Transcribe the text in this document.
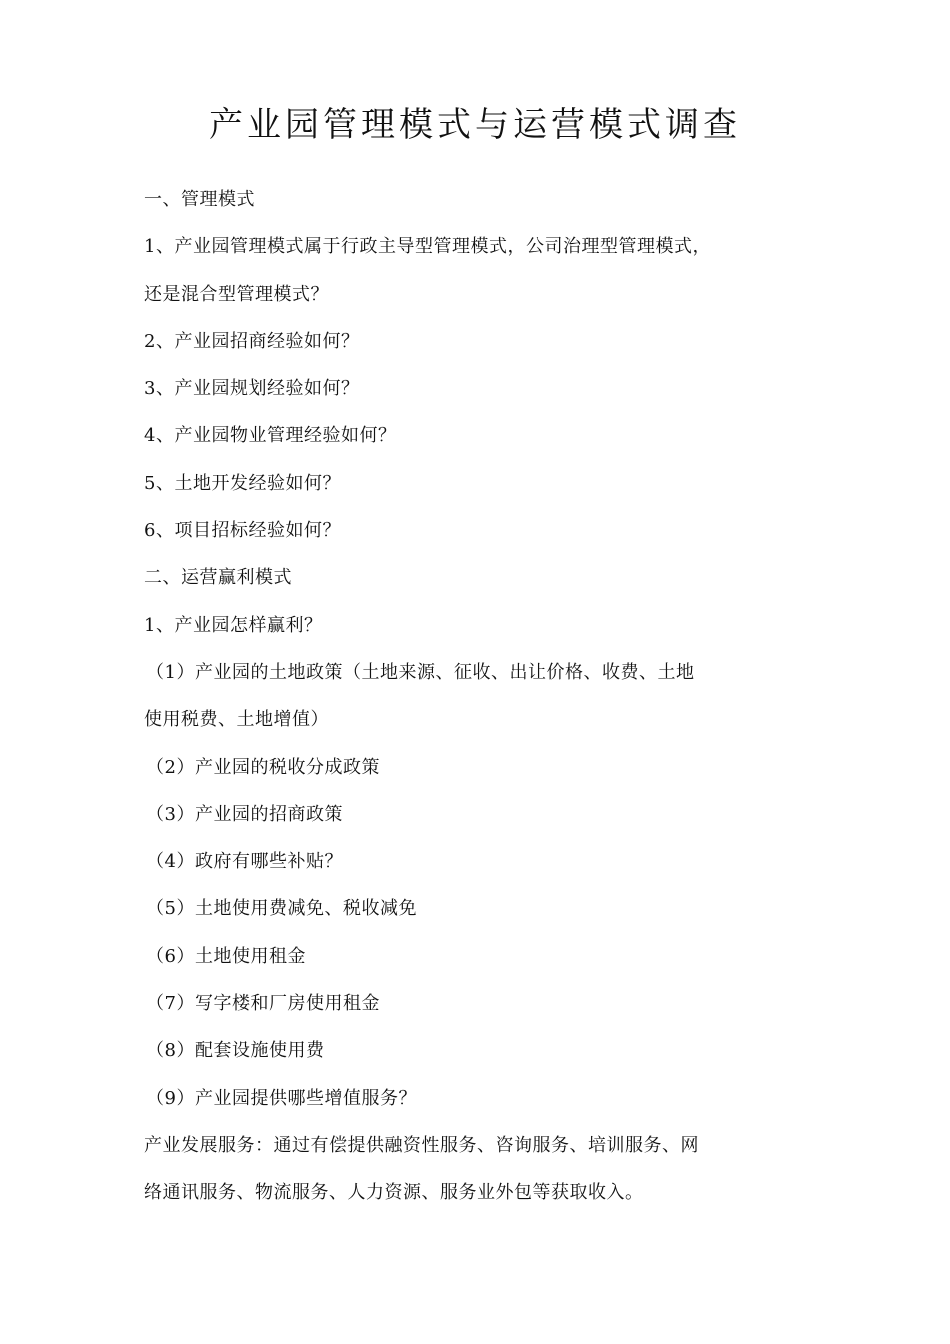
产业园管理模式与运营模式调查
一、管理模式
1、产业园管理模式属于行政主导型管理模式，公司治理型管理模式，
还是混合型管理模式？
2、产业园招商经验如何？
3、产业园规划经验如何？
4、产业园物业管理经验如何？
5、土地开发经验如何？
6、项目招标经验如何？
二、运营赢利模式
1、产业园怎样赢利？
（1）产业园的土地政策（土地来源、征收、出让价格、收费、土地
使用税费、土地增值）
（2）产业园的税收分成政策
（3）产业园的招商政策
（4）政府有哪些补贴？
（5）土地使用费减免、税收减免
（6）土地使用租金
（7）写字楼和厂房使用租金
（8）配套设施使用费
（9）产业园提供哪些增值服务？
产业发展服务：通过有偿提供融资性服务、咨询服务、培训服务、网
络通讯服务、物流服务、人力资源、服务业外包等获取收入。
